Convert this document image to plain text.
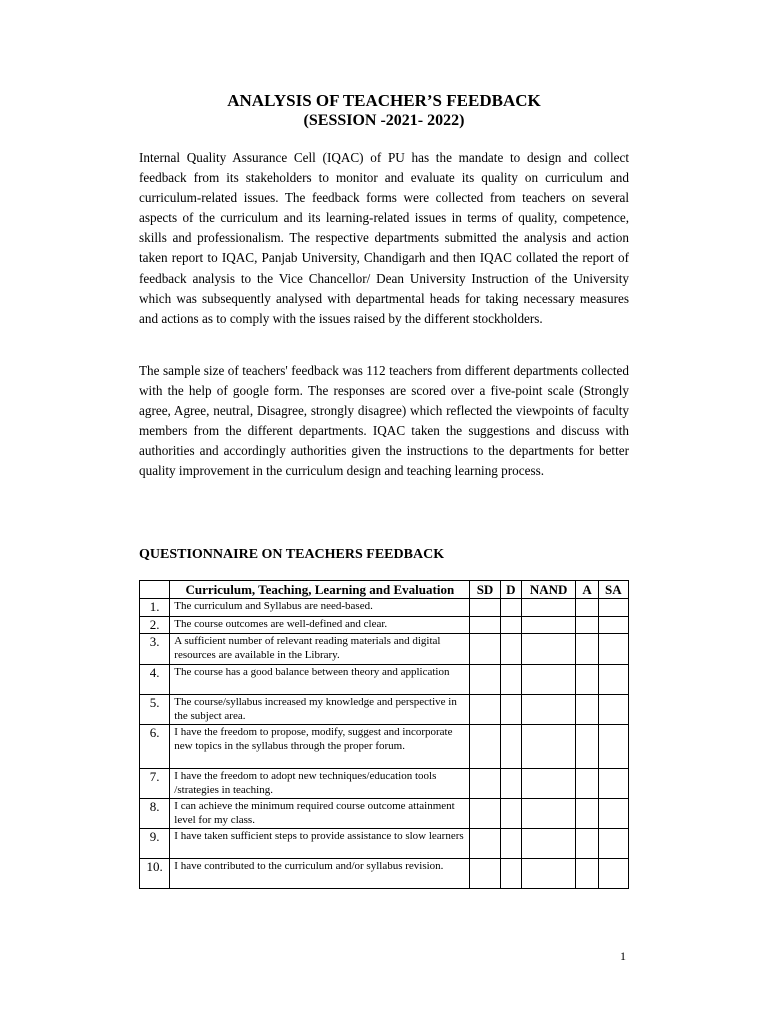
ANALYSIS OF TEACHER’S FEEDBACK
(SESSION -2021- 2022)

Internal Quality Assurance Cell (IQAC) of PU has the mandate to design and collect feedback from its stakeholders to monitor and evaluate its quality on curriculum and curriculum-related issues. The feedback forms were collected from teachers on several aspects of the curriculum and its learning-related issues in terms of quality, competence, skills and professionalism. The respective departments submitted the analysis and action taken report to IQAC, Panjab University, Chandigarh and then IQAC collated the report of feedback analysis to the Vice Chancellor/ Dean University Instruction of the University which was subsequently analysed with departmental heads for taking necessary measures and actions as to comply with the issues raised by the different stockholders.

The sample size of teachers' feedback was 112 teachers from different departments collected with the help of google form. The responses are scored over a five-point scale (Strongly agree, Agree, neutral, Disagree, strongly disagree) which reflected the viewpoints of faculty members from the different departments. IQAC taken the suggestions and discuss with authorities and accordingly authorities given the instructions to the departments for better quality improvement in the curriculum design and teaching learning process.

QUESTIONNAIRE ON TEACHERS FEEDBACK
	Curriculum, Teaching, Learning and Evaluation	SD	D	NAND	A	SA
1.	The curriculum and Syllabus are need-based.					
2.	The course outcomes are well-defined and clear.					
3.	A sufficient number of relevant reading materials and digital resources are available in the Library.					
4.	The course has a good balance between theory and application					
5.	The course/syllabus increased my knowledge and perspective in the subject area.					
6.	I have the freedom to propose, modify, suggest and incorporate new topics in the syllabus through the proper forum.					
7.	I have the freedom to adopt new techniques/education tools /strategies in teaching.					
8.	I can achieve the minimum required course outcome attainment level for my class.					
9.	I have taken sufficient steps to provide assistance to slow learners					
10.	I have contributed to the curriculum and/or syllabus revision.					
1
